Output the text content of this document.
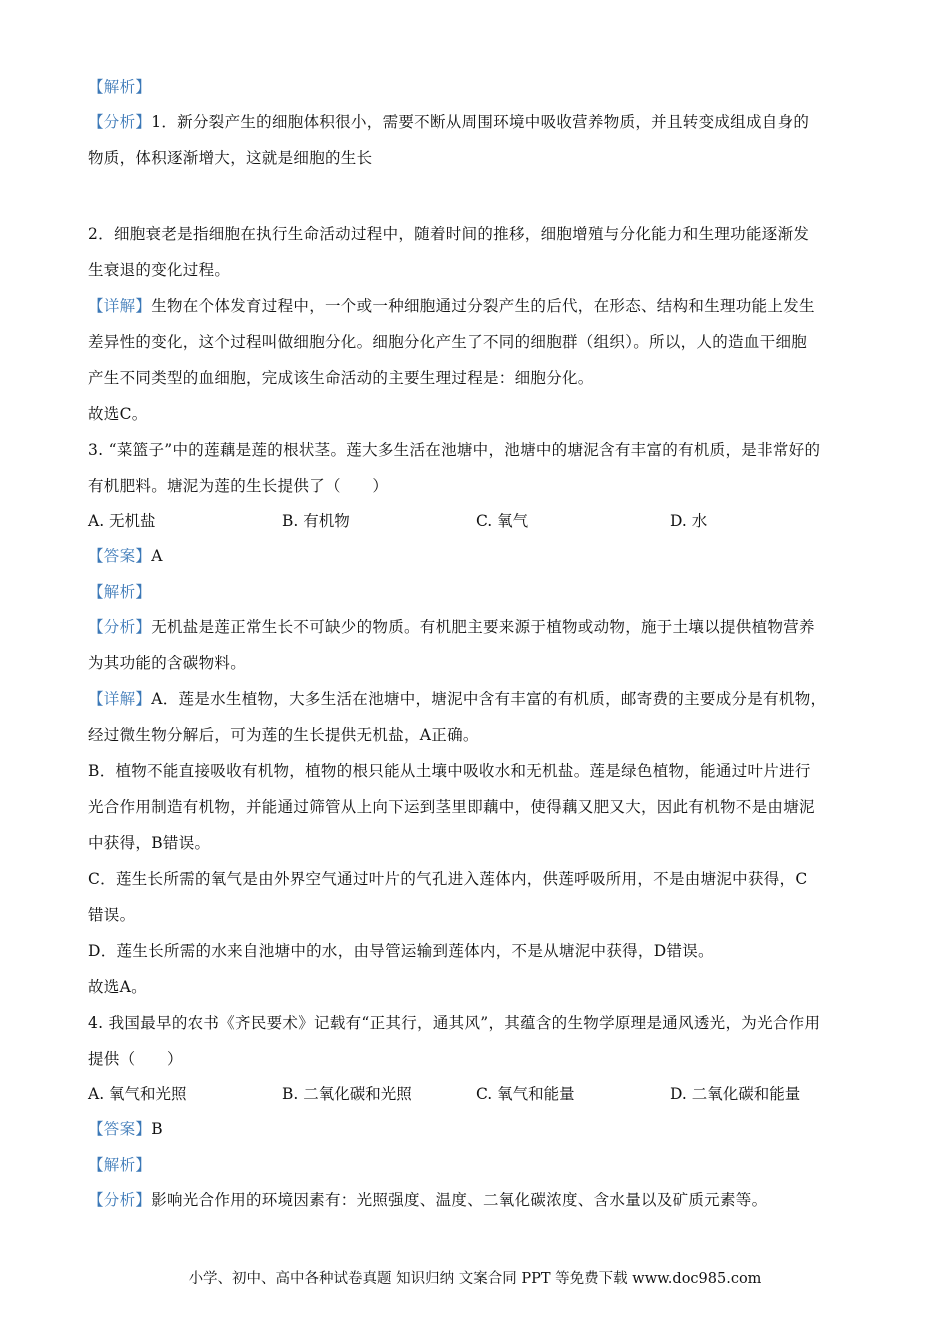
【解析】
【分析】1．新分裂产生的细胞体积很小，需要不断从周围环境中吸收营养物质，并且转变成组成自身的
物质，体积逐渐增大，这就是细胞的生长
2．细胞衰老是指细胞在执行生命活动过程中，随着时间的推移，细胞增殖与分化能力和生理功能逐渐发
生衰退的变化过程。
【详解】生物在个体发育过程中，一个或一种细胞通过分裂产生的后代，在形态、结构和生理功能上发生
差异性的变化，这个过程叫做细胞分化。细胞分化产生了不同的细胞群（组织）。所以，人的造血干细胞
产生不同类型的血细胞，完成该生命活动的主要生理过程是：细胞分化。
故选C。
3. “菜篮子”中的莲藕是莲的根状茎。莲大多生活在池塘中，池塘中的塘泥含有丰富的有机质，是非常好的
有机肥料。塘泥为莲的生长提供了（　　）
A. 无机盐	B. 有机物	C. 氧气	D. 水
【答案】A
【解析】
【分析】无机盐是莲正常生长不可缺少的物质。有机肥主要来源于植物或动物，施于土壤以提供植物营养
为其功能的含碳物料。
【详解】A．莲是水生植物，大多生活在池塘中，塘泥中含有丰富的有机质，邮寄费的主要成分是有机物，
经过微生物分解后，可为莲的生长提供无机盐，A正确。
B．植物不能直接吸收有机物，植物的根只能从土壤中吸收水和无机盐。莲是绿色植物，能通过叶片进行
光合作用制造有机物，并能通过筛管从上向下运到茎里即藕中，使得藕又肥又大，因此有机物不是由塘泥
中获得，B错误。
C．莲生长所需的氧气是由外界空气通过叶片的气孔进入莲体内，供莲呼吸所用，不是由塘泥中获得，C
错误。
D．莲生长所需的水来自池塘中的水，由导管运输到莲体内，不是从塘泥中获得，D错误。
故选A。
4. 我国最早的农书《齐民要术》记载有“正其行，通其风”，其蕴含的生物学原理是通风透光，为光合作用
提供（　　）
A. 氧气和光照	B. 二氧化碳和光照	C. 氧气和能量	D. 二氧化碳和能量
【答案】B
【解析】
【分析】影响光合作用的环境因素有：光照强度、温度、二氧化碳浓度、含水量以及矿质元素等。
小学、初中、高中各种试卷真题 知识归纳 文案合同 PPT 等免费下载 www.doc985.com
